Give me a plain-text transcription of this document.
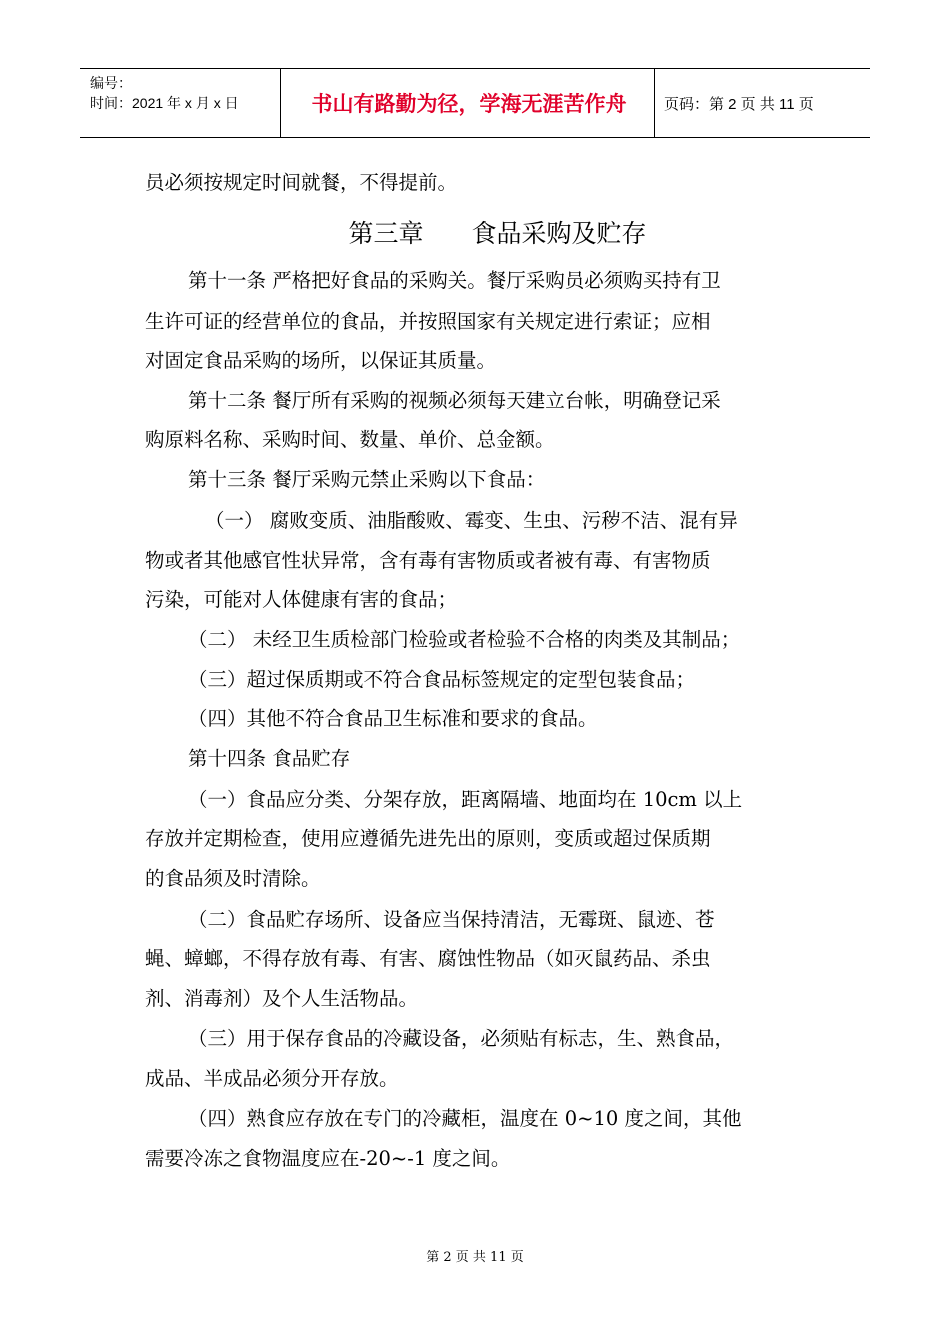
编号：
时间：2021 年 x 月 x 日	书山有路勤为径，学海无涯苦作舟	页码：第 2 页 共 11 页
员必须按规定时间就餐，不得提前。
第三章 食品采购及贮存
第十一条 严格把好食品的采购关。餐厅采购员必须购买持有卫
生许可证的经营单位的食品，并按照国家有关规定进行索证；应相
对固定食品采购的场所，以保证其质量。
第十二条 餐厅所有采购的视频必须每天建立台帐，明确登记采
购原料名称、采购时间、数量、单价、总金额。
第十三条 餐厅采购元禁止采购以下食品：
（一） 腐败变质、油脂酸败、霉变、生虫、污秽不洁、混有异
物或者其他感官性状异常，含有毒有害物质或者被有毒、有害物质
污染，可能对人体健康有害的食品；
（二） 未经卫生质检部门检验或者检验不合格的肉类及其制品；
（三）超过保质期或不符合食品标签规定的定型包装食品；
（四）其他不符合食品卫生标准和要求的食品。
第十四条 食品贮存
（一）食品应分类、分架存放，距离隔墙、地面均在 10cm 以上
存放并定期检查，使用应遵循先进先出的原则，变质或超过保质期
的食品须及时清除。
（二）食品贮存场所、设备应当保持清洁，无霉斑、鼠迹、苍
蝇、蟑螂，不得存放有毒、有害、腐蚀性物品（如灭鼠药品、杀虫
剂、消毒剂）及个人生活物品。
（三）用于保存食品的冷藏设备，必须贴有标志，生、熟食品，
成品、半成品必须分开存放。
（四）熟食应存放在专门的冷藏柜，温度在 0~10 度之间，其他
需要冷冻之食物温度应在-20~-1 度之间。
第 2 页 共 11 页
